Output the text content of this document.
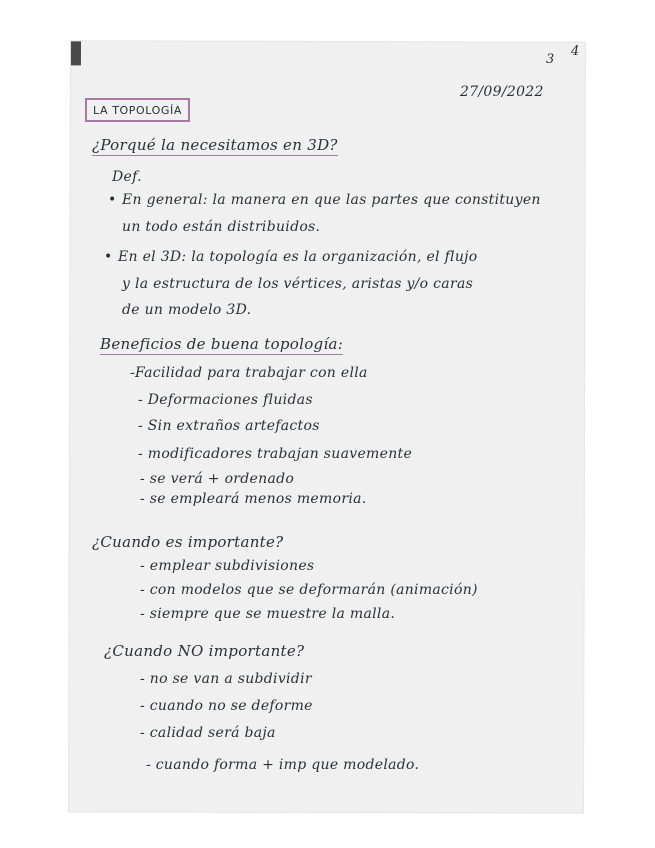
3
4
27/09/2022
LA TOPOLOGÍA
¿Porqué la necesitamos en 3D?
Def.
• En general: la manera en que las partes que constituyen
un todo están distribuidos.
• En el 3D: la topología es la organización, el flujo
y la estructura de los vértices, aristas y/o caras
de un modelo 3D.
Beneficios de buena topología:
-Facilidad para trabajar con ella
- Deformaciones fluidas
- Sin extraños artefactos
- modificadores trabajan suavemente
- se verá + ordenado
- se empleará menos memoria.
¿Cuando es importante?
- emplear subdivisiones
- con modelos que se deformarán (animación)
- siempre que se muestre la malla.
¿Cuando NO importante?
- no se van a subdividir
- cuando no se deforme
- calidad será baja
- cuando forma + imp que modelado.
